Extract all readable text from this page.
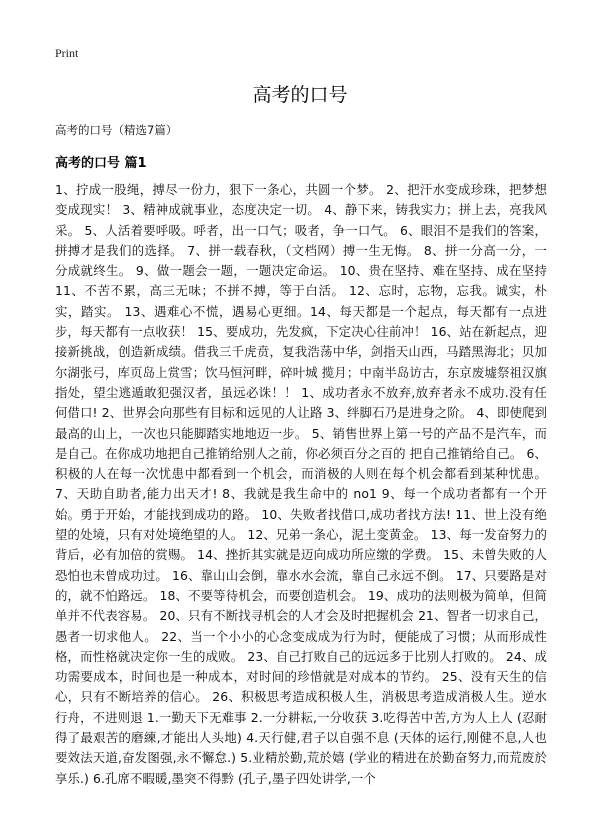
Print
高考的口号
高考的口号（精选7篇）
高考的口号 篇1

1、拧成一股绳，搏尽一份力，狠下一条心，共圆一个梦。 2、把汗水变成珍珠，把梦想变成现实！ 3、精神成就事业，态度决定一切。 4、静下来，铸我实力；拼上去，亮我风采。 5、人活着要呼吸。呼者，出一口气；吸者，争一口气。 6、眼泪不是我们的答案，拼搏才是我们的选择。 7、拼一载春秋，（文档网）搏一生无悔。 8、拼一分高一分，一分成就终生。 9、做一题会一题，一题决定命运。 10、贵在坚持、难在坚持、成在坚持 11、不苦不累，高三无味；不拼不搏，等于白活。 12、忘时，忘物，忘我。诚实，朴实，踏实。 13、遇难心不慌，遇易心更细。14、每天都是一个起点，每天都有一点进步，每天都有一点收获！ 15、要成功，先发疯，下定决心往前冲！ 16、站在新起点，迎接新挑战，创造新成绩。借我三千虎贲，复我浩荡中华，剑指天山西，马踏黑海北；贝加尔湖张弓，库页岛上赏雪；饮马恒河畔，碎叶城 揽月；中南半岛访古，东京废墟祭祖汉旗指处，望尘逃遁敢犯强汉者，虽远必诛！！ 1、成功者永不放弃,放弃者永不成功.没有任何借口! 2、世界会向那些有目标和远见的人让路 3、绊脚石乃是进身之阶。 4、即使爬到最高的山上，一次也只能脚踏实地地迈一步。 5、销售世界上第一号的产品不是汽车，而是自己。在你成功地把自己推销给别人之前，你必须百分之百的 把自己推销给自己。 6、积极的人在每一次忧患中都看到一个机会，而消极的人则在每个机会都看到某种忧患。 7、天助自助者,能力出天才! 8、我就是我生命中的 no1 9、每一个成功者都有一个开始。勇于开始，才能找到成功的路。 10、失败者找借口,成功者找方法! 11、世上没有绝望的处境，只有对处境绝望的人。 12、兄弟一条心，泥土变黄金。 13、每一发奋努力的背后，必有加倍的赏赐。 14、挫折其实就是迈向成功所应缴的学费。 15、未曾失败的人恐怕也未曾成功过。 16、靠山山会倒，靠水水会流，靠自己永远不倒。 17、只要路是对的，就不怕路远。 18、不要等待机会，而要创造机会。 19、成功的法则极为简单，但简单并不代表容易。 20、只有不断找寻机会的人才会及时把握机会 21、智者一切求自己，愚者一切求他人。 22、当一个小小的心念变成成为行为时，便能成了习惯；从而形成性格，而性格就决定你一生的成败。 23、自己打败自己的远远多于比别人打败的。 24、成功需要成本，时间也是一种成本，对时间的珍惜就是对成本的节约。 25、没有天生的信心，只有不断培养的信心。 26、积极思考造成积极人生，消极思考造成消极人生。逆水行舟，不进则退 1.一勤天下无难事 2.一分耕耘,一分收获 3.吃得苦中苦,方为人上人 (忍耐得了最艰苦的磨練,才能出人头地) 4.天行健,君子以自强不息 (天体的运行,刚健不息,人也要效法天道,奋发图强,永不懈怠.) 5.业精於勤,荒於嬉 (学业的精进在於勤奋努力,而荒废於享乐.) 6.孔席不暇暖,墨突不得黔 (孔子,墨子四处讲学,一个
